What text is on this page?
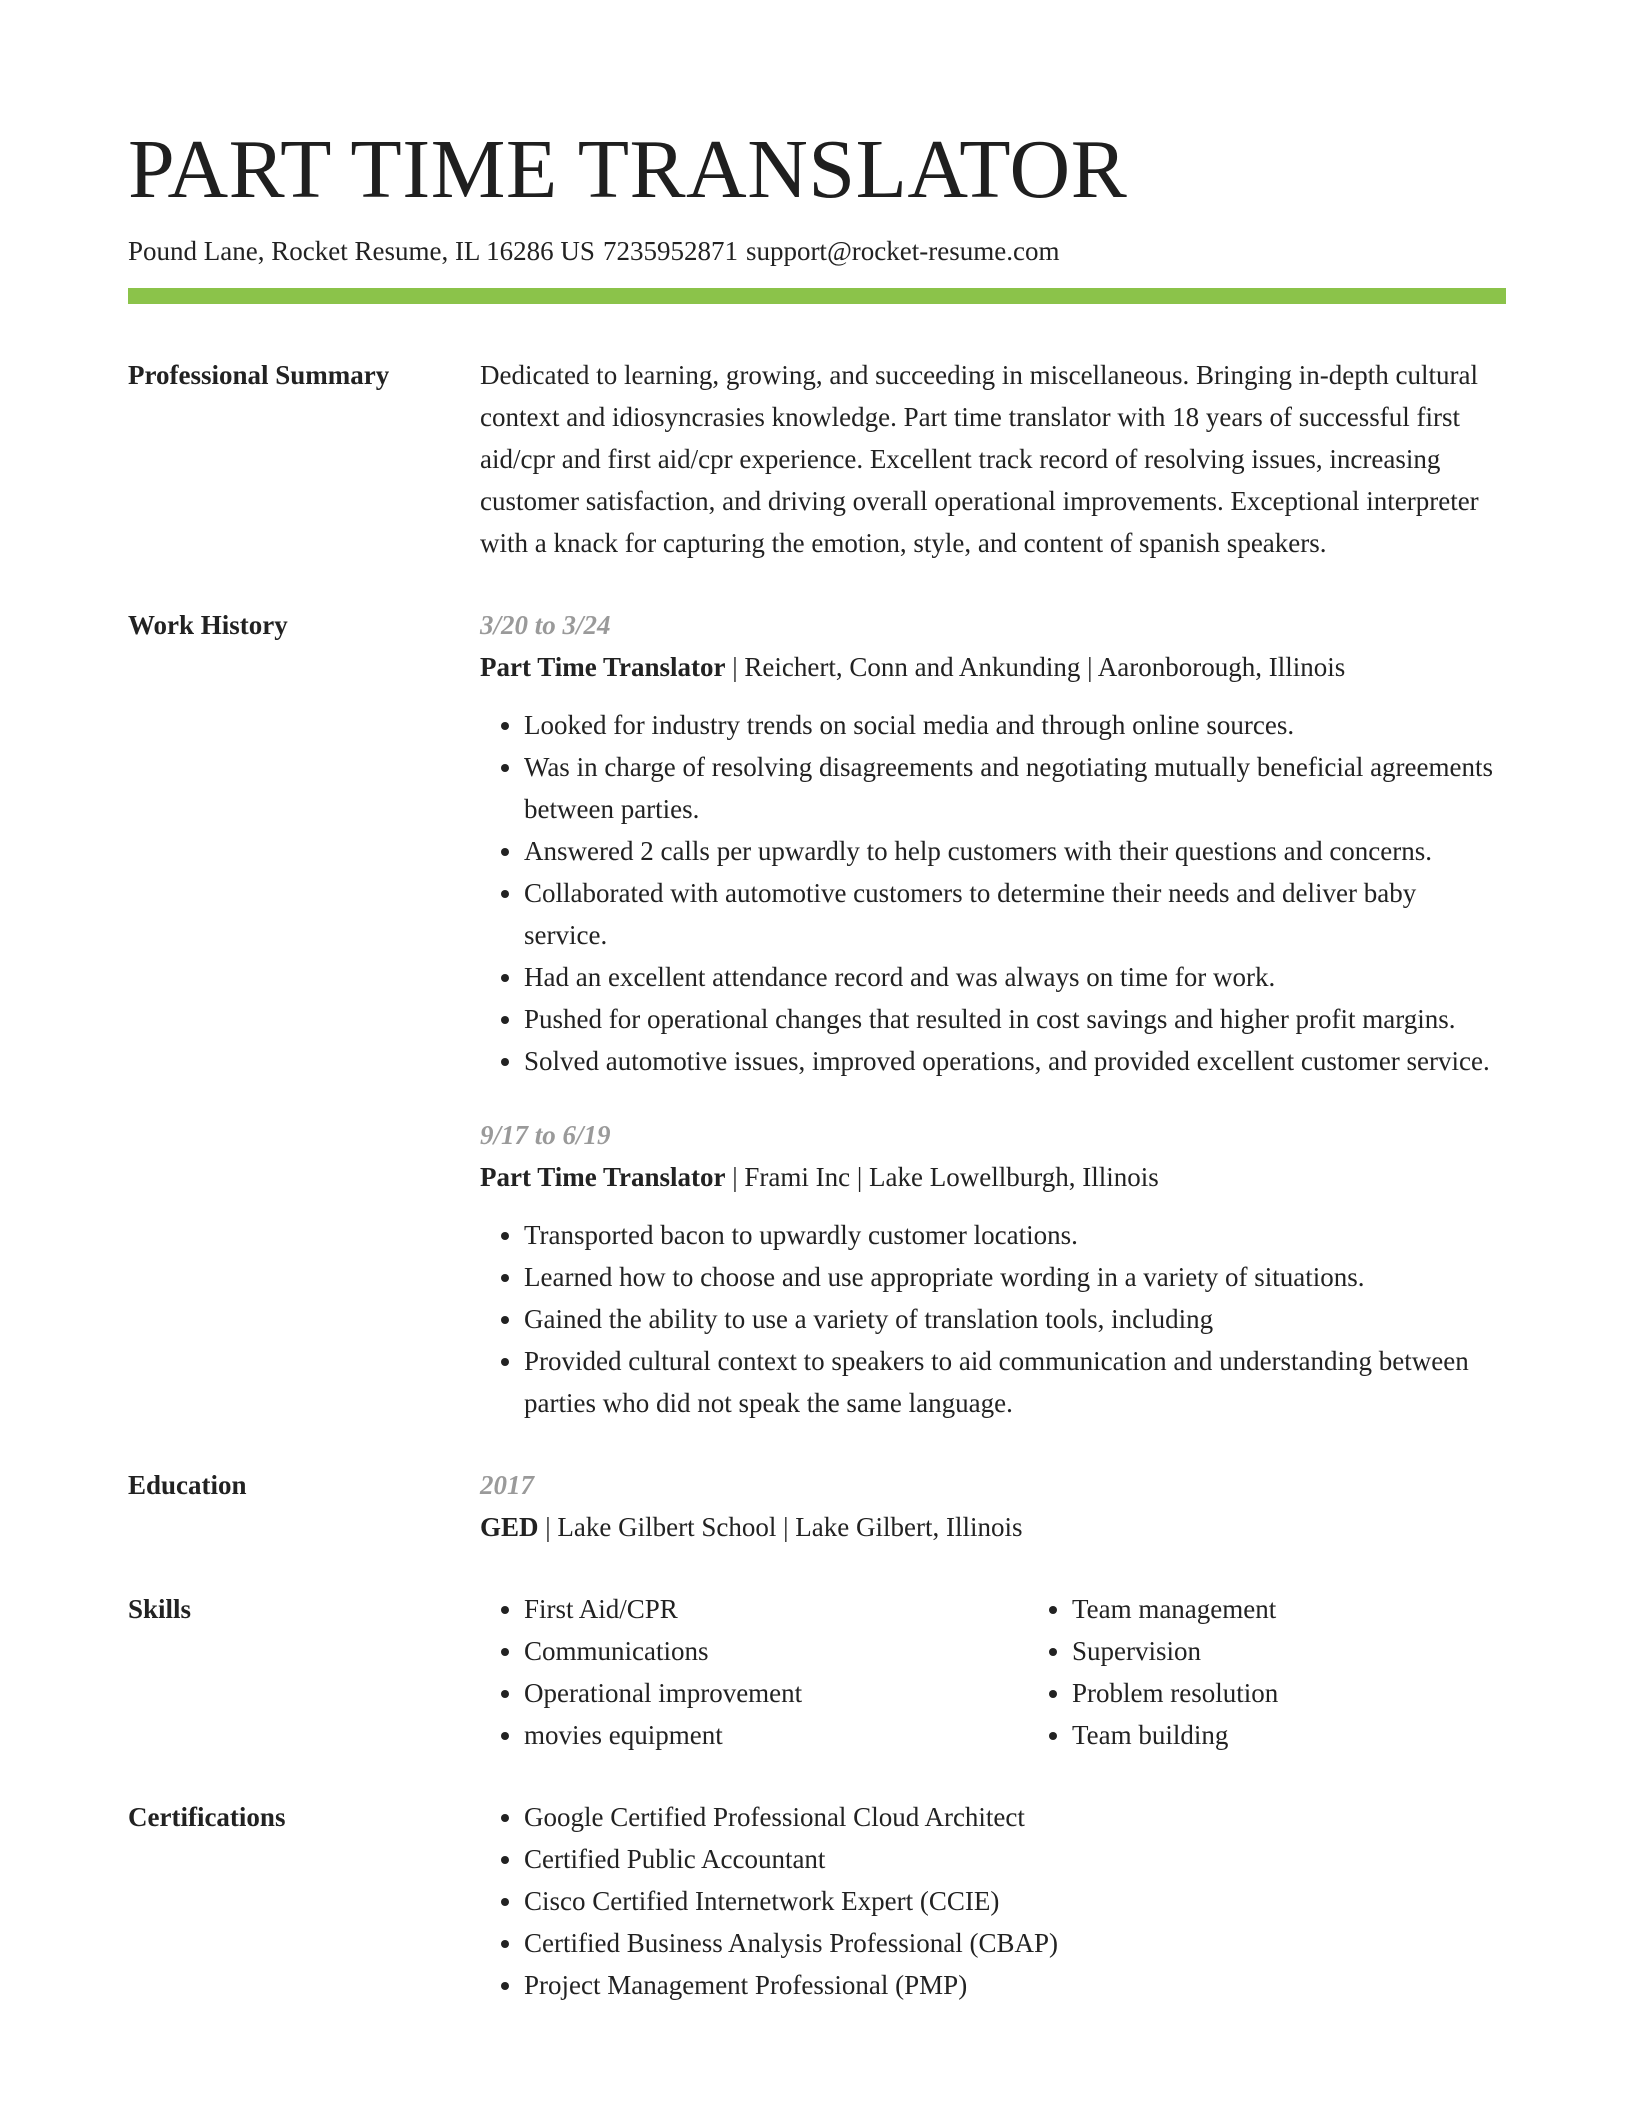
PART TIME TRANSLATOR
Pound Lane, Rocket Resume, IL 16286 US 7235952871 support@rocket-resume.com
Professional Summary	Dedicated to learning, growing, and succeeding in miscellaneous. Bringing in-depth cultural context and idiosyncrasies knowledge. Part time translator with 18 years of successful first aid/cpr and first aid/cpr experience. Excellent track record of resolving issues, increasing customer satisfaction, and driving overall operational improvements. Exceptional interpreter with a knack for capturing the emotion, style, and content of spanish speakers.

Work History	3/20 to 3/24
Part Time Translator | Reichert, Conn and Ankunding | Aaronborough, Illinois
• Looked for industry trends on social media and through online sources.
• Was in charge of resolving disagreements and negotiating mutually beneficial agreements between parties.
• Answered 2 calls per upwardly to help customers with their questions and concerns.
• Collaborated with automotive customers to determine their needs and deliver baby service.
• Had an excellent attendance record and was always on time for work.
• Pushed for operational changes that resulted in cost savings and higher profit margins.
• Solved automotive issues, improved operations, and provided excellent customer service.
9/17 to 6/19
Part Time Translator | Frami Inc | Lake Lowellburgh, Illinois
• Transported bacon to upwardly customer locations.
• Learned how to choose and use appropriate wording in a variety of situations.
• Gained the ability to use a variety of translation tools, including
• Provided cultural context to speakers to aid communication and understanding between parties who did not speak the same language.
Education	2017
GED | Lake Gilbert School | Lake Gilbert, Illinois
Skills	• First Aid/CPR
• Communications
• Operational improvement
• movies equipment
• Team management
• Supervision
• Problem resolution
• Team building
Certifications	• Google Certified Professional Cloud Architect
• Certified Public Accountant
• Cisco Certified Internetwork Expert (CCIE)
• Certified Business Analysis Professional (CBAP)
• Project Management Professional (PMP)
